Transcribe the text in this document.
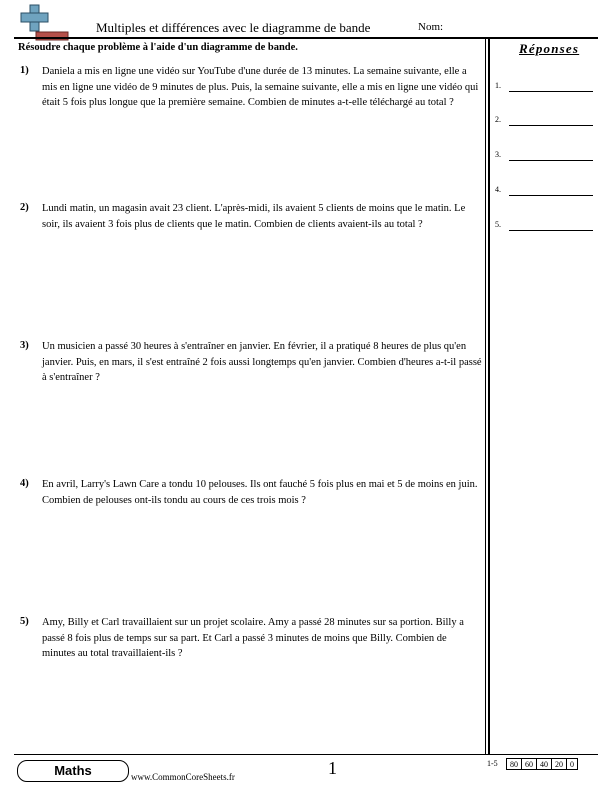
Multiples et différences avec le diagramme de bande	Nom:
Résoudre chaque problème à l'aide d'un diagramme de bande.
1) Daniela a mis en ligne une vidéo sur YouTube d'une durée de 13 minutes. La semaine suivante, elle a mis en ligne une vidéo de 9 minutes de plus. Puis, la semaine suivante, elle a mis en ligne une vidéo qui était 5 fois plus longue que la première semaine. Combien de minutes a-t-elle téléchargé au total ?
2) Lundi matin, un magasin avait 23 client. L'après-midi, ils avaient 5 clients de moins que le matin. Le soir, ils avaient 3 fois plus de clients que le matin. Combien de clients avaient-ils au total ?
3) Un musicien a passé 30 heures à s'entraîner en janvier. En février, il a pratiqué 8 heures de plus qu'en janvier. Puis, en mars, il s'est entraîné 2 fois aussi longtemps qu'en janvier. Combien d'heures a-t-il passé à s'entraîner ?
4) En avril, Larry's Lawn Care a tondu 10 pelouses. Ils ont fauché 5 fois plus en mai et 5 de moins en juin. Combien de pelouses ont-ils tondu au cours de ces trois mois ?
5) Amy, Billy et Carl travaillaient sur un projet scolaire. Amy a passé 28 minutes sur sa portion. Billy a passé 8 fois plus de temps sur sa part. Et Carl a passé 3 minutes de moins que Billy. Combien de minutes au total travaillaient-ils ?
Réponses
1.
2.
3.
4.
5.
Maths	www.CommonCoreSheets.fr	1	1-5 80	60	40	20	0
